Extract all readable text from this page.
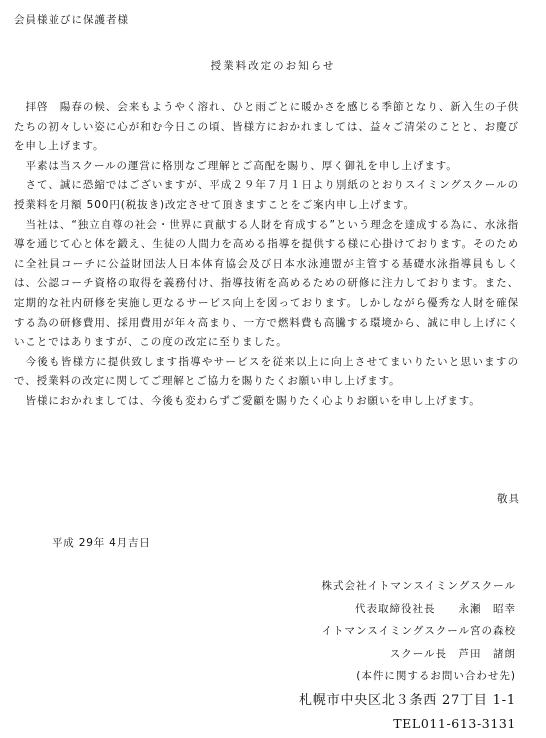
会員様並びに保護者様
授業料改定のお知らせ

拝啓　陽春の候、会来もようやく溶れ、ひと雨ごとに暖かさを感じる季節となり、新入生の子供たちの初々しい姿に心が和む今日この頃、皆様方におかれましては、益々ご清栄のことと、お慶びを申し上げます。

平素は当スクールの運営に格別なご理解とご高配を賜り、厚く御礼を申し上げます。

さて、誠に恐縮ではございますが、平成２９年７月１日より別紙のとおりスイミングスクールの授業料を月額 500円(税抜き)改定させて頂きますことをご案内申し上げます。

当社は、“独立自尊の社会・世界に貢献する人財を育成する”という理念を達成する為に、水泳指導を通じて心と体を鍛え、生徒の人間力を高める指導を提供する様に心掛けております。そのために全社員コーチに公益財団法人日本体育協会及び日本水泳連盟が主管する基礎水泳指導員もしくは、公認コーチ資格の取得を義務付け、指導技術を高めるための研修に注力しております。また、定期的な社内研修を実施し更なるサービス向上を図っております。しかしながら優秀な人財を確保する為の研修費用、採用費用が年々高まり、一方で燃料費も高騰する環境から、誠に申し上げにくいことではありますが、この度の改定に至りました。

今後も皆様方に提供致します指導やサービスを従来以上に向上させてまいりたいと思いますので、授業料の改定に関してご理解とご協力を賜りたくお願い申し上げます。

皆様におかれましては、今後も変わらずご愛顧を賜りたく心よりお願いを申し上げます。

敬具
平成 29年 4月吉日
株式会社イトマンスイミングスクール
代表取締役社長　　永瀬　昭幸
イトマンスイミングスクール宮の森校
スクール長　芦田　諸朗
(本件に関するお問い合わせ先)
札幌市中央区北３条西 27丁目 1-1
TEL011-613-3131
